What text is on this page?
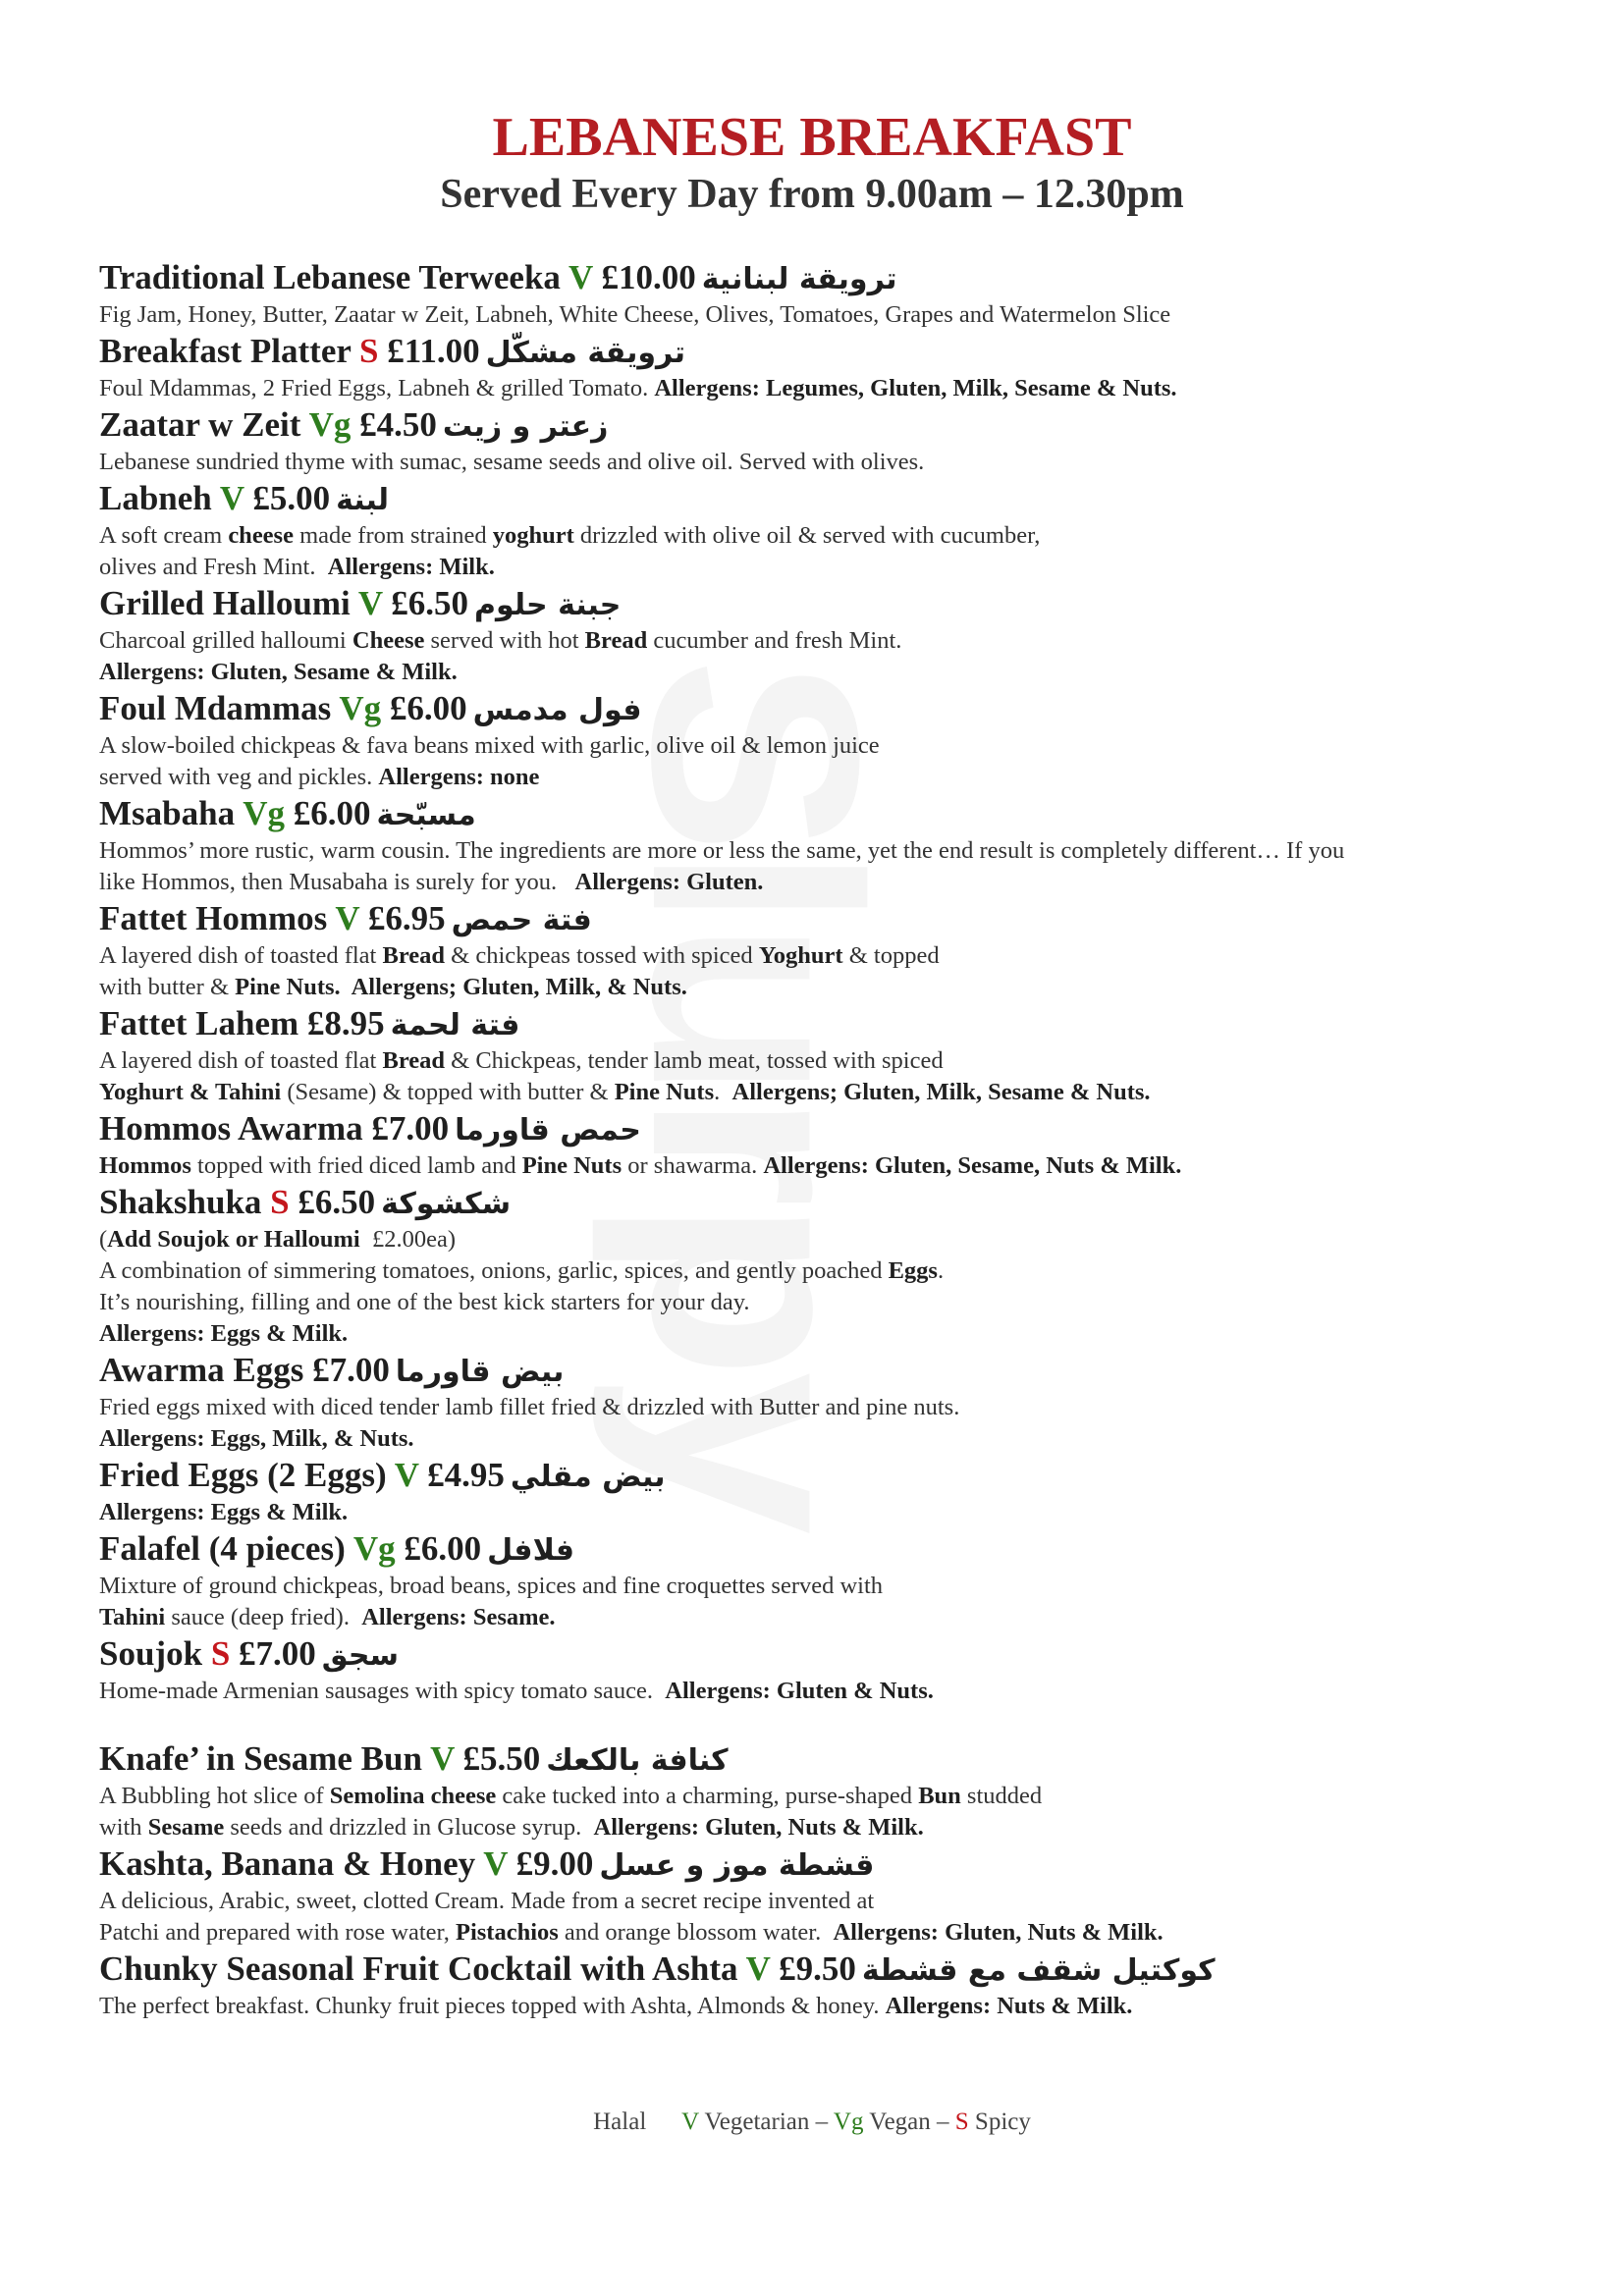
LEBANESE BREAKFAST
Served Every Day from 9.00am – 12.30pm
Traditional Lebanese Terweeka V £10.00 ترويقة لبنانية
Fig Jam, Honey, Butter, Zaatar w Zeit, Labneh, White Cheese, Olives, Tomatoes, Grapes and Watermelon Slice
Breakfast Platter S £11.00 ترويقة مشكّل
Foul Mdammas, 2 Fried Eggs, Labneh & grilled Tomato. Allergens: Legumes, Gluten, Milk, Sesame & Nuts.
Zaatar w Zeit Vg £4.50 زعتر و زيت
Lebanese sundried thyme with sumac, sesame seeds and olive oil. Served with olives.
Labneh V £5.00 لبنة
A soft cream cheese made from strained yoghurt drizzled with olive oil & served with cucumber,
olives and Fresh Mint.  Allergens: Milk.
Grilled Halloumi V £6.50 جبنة حلوم
Charcoal grilled halloumi Cheese served with hot Bread cucumber and fresh Mint.
Allergens: Gluten, Sesame & Milk.
Foul Mdammas Vg £6.00 فول مدمس
A slow-boiled chickpeas & fava beans mixed with garlic, olive oil & lemon juice
served with veg and pickles. Allergens: none
Msabaha Vg £6.00 مسبّحة
Hommos’ more rustic, warm cousin. The ingredients are more or less the same, yet the end result is completely different… If you
like Hommos, then Musabaha is surely for you.   Allergens: Gluten.
Fattet Hommos V £6.95 فتة حمص
A layered dish of toasted flat Bread & chickpeas tossed with spiced Yoghurt & topped
with butter & Pine Nuts.  Allergens; Gluten, Milk, & Nuts.
Fattet Lahem £8.95 فتة لحمة
A layered dish of toasted flat Bread & Chickpeas, tender lamb meat, tossed with spiced
Yoghurt & Tahini (Sesame) & topped with butter & Pine Nuts.  Allergens; Gluten, Milk, Sesame & Nuts.
Hommos Awarma £7.00 حمص قاورما
Hommos topped with fried diced lamb and Pine Nuts or shawarma. Allergens: Gluten, Sesame, Nuts & Milk.
Shakshuka S £6.50 شكشوكة
(Add Soujok or Halloumi  £2.00ea)
A combination of simmering tomatoes, onions, garlic, spices, and gently poached Eggs.
It’s nourishing, filling and one of the best kick starters for your day.
Allergens: Eggs & Milk.
Awarma Eggs £7.00 بيض قاورما
Fried eggs mixed with diced tender lamb fillet fried & drizzled with Butter and pine nuts.
Allergens: Eggs, Milk, & Nuts.
Fried Eggs (2 Eggs) V £4.95 بيض مقلي
Allergens: Eggs & Milk.
Falafel (4 pieces) Vg £6.00 فلافل
Mixture of ground chickpeas, broad beans, spices and fine croquettes served with
Tahini sauce (deep fried).  Allergens: Sesame.
Soujok S £7.00 سجق
Home-made Armenian sausages with spicy tomato sauce.  Allergens: Gluten & Nuts.
Knafe’ in Sesame Bun V £5.50 كنافة بالكعك
A Bubbling hot slice of Semolina cheese cake tucked into a charming, purse-shaped Bun studded
with Sesame seeds and drizzled in Glucose syrup.  Allergens: Gluten, Nuts & Milk.
Kashta, Banana & Honey V £9.00 قشطة موز و عسل
A delicious, Arabic, sweet, clotted Cream. Made from a secret recipe invented at
Patchi and prepared with rose water, Pistachios and orange blossom water.  Allergens: Gluten, Nuts & Milk.
Chunky Seasonal Fruit Cocktail with Ashta V £9.50 كوكتيل شقف مع قشطة
The perfect breakfast. Chunky fruit pieces topped with Ashta, Almonds & honey. Allergens: Nuts & Milk.
Halal V Vegetarian – Vg Vegan – S Spicy
